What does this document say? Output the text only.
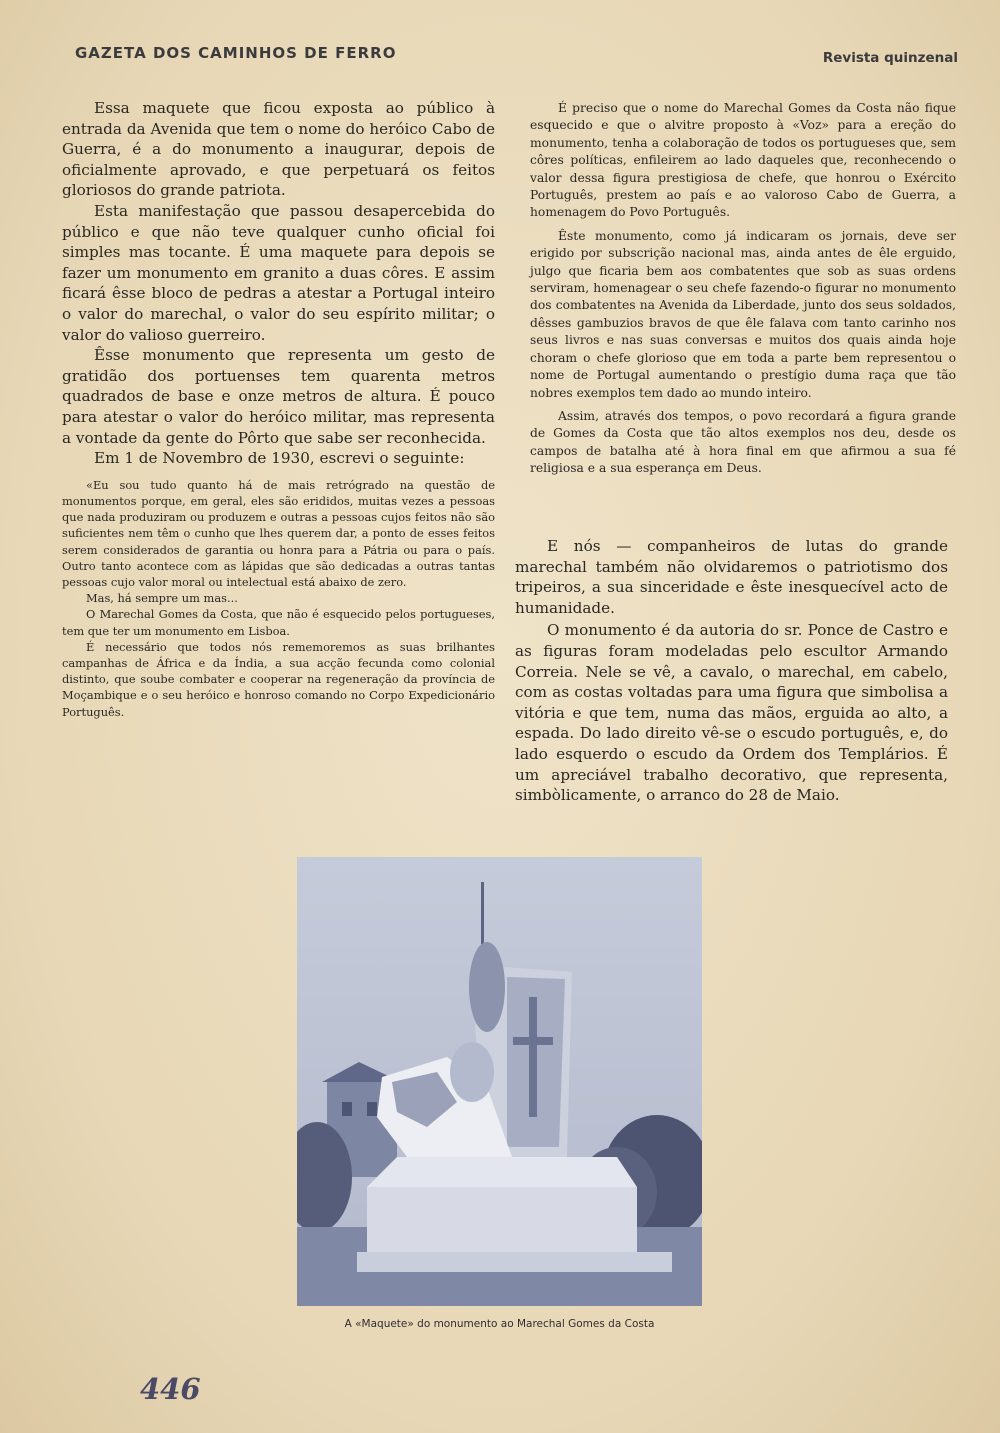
GAZETA DOS CAMINHOS DE FERRO	Revista quinzenal

Essa maquete que ficou exposta ao público à entrada da Avenida que tem o nome do heróico Cabo de Guerra, é a do monumento a inaugurar, depois de oficialmente aprovado, e que perpetuará os feitos gloriosos do grande patriota.

Esta manifestação que passou desapercebida do público e que não teve qualquer cunho oficial foi simples mas tocante. É uma maquete para depois se fazer um monumento em granito a duas côres. E assim ficará êsse bloco de pedras a atestar a Portugal inteiro o valor do marechal, o valor do seu espírito militar; o valor do valioso guerreiro.

Êsse monumento que representa um gesto de gratidão dos portuenses tem quarenta metros quadrados de base e onze metros de altura. É pouco para atestar o valor do heróico militar, mas representa a vontade da gente do Pôrto que sabe ser reconhecida.

Em 1 de Novembro de 1930, escrevi o seguinte:

«Eu sou tudo quanto há de mais retrógrado na questão de monumentos porque, em geral, eles são erididos, muitas vezes a pessoas que nada produziram ou produzem e outras a pessoas cujos feitos não são suficientes nem têm o cunho que lhes querem dar, a ponto de esses feitos serem considerados de garantia ou honra para a Pátria ou para o país. Outro tanto acontece com as lápidas que são dedicadas a outras tantas pessoas cujo valor moral ou intelectual está abaixo de zero.

Mas, há sempre um mas...

O Marechal Gomes da Costa, que não é esquecido pelos portugueses, tem que ter um monumento em Lisboa.

É necessário que todos nós rememoremos as suas brilhantes campanhas de África e da Índia, a sua acção fecunda como colonial distinto, que soube combater e cooperar na regeneração da província de Moçambique e o seu heróico e honroso comando no Corpo Expedicionário Português.

É preciso que o nome do Marechal Gomes da Costa não fique esquecido e que o alvitre proposto à «Voz» para a ereção do monumento, tenha a colaboração de todos os portugueses que, sem côres políticas, enfileirem ao lado daqueles que, reconhecendo o valor dessa figura prestigiosa de chefe, que honrou o Exército Português, prestem ao país e ao valoroso Cabo de Guerra, a homenagem do Povo Português.

Êste monumento, como já indicaram os jornais, deve ser erigido por subscrição nacional mas, ainda antes de êle erguido, julgo que ficaria bem aos combatentes que sob as suas ordens serviram, homenagear o seu chefe fazendo-o figurar no monumento dos combatentes na Avenida da Liberdade, junto dos seus soldados, dêsses gambuzios bravos de que êle falava com tanto carinho nos seus livros e nas suas conversas e muitos dos quais ainda hoje choram o chefe glorioso que em toda a parte bem representou o nome de Portugal aumentando o prestígio duma raça que tão nobres exemplos tem dado ao mundo inteiro.

Assim, através dos tempos, o povo recordará a figura grande de Gomes da Costa que tão altos exemplos nos deu, desde os campos de batalha até à hora final em que afirmou a sua fé religiosa e a sua esperança em Deus.

E nós — companheiros de lutas do grande marechal também não olvidaremos o patriotismo dos tripeiros, a sua sinceridade e êste inesquecível acto de humanidade.

O monumento é da autoria do sr. Ponce de Castro e as figuras foram modeladas pelo escultor Armando Correia. Nele se vê, a cavalo, o marechal, em cabelo, com as costas voltadas para uma figura que simbolisa a vitória e que tem, numa das mãos, erguida ao alto, a espada. Do lado direito vê-se o escudo português, e, do lado esquerdo o escudo da Ordem dos Templários. É um apreciável trabalho decorativo, que representa, simbòlicamente, o arranco do 28 de Maio.

A «Maquete» do monumento ao Marechal Gomes da Costa
446
